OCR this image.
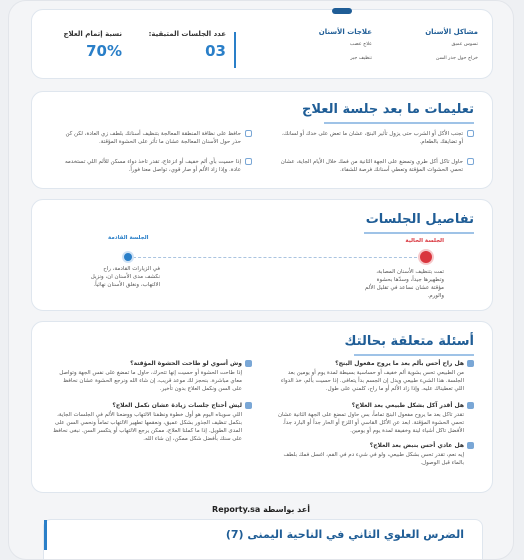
مشاكل الأسنان
تسوس عميق
خراج حول جذر السن
علاجات الأسنان
علاج عصب
تنظيف جير
عدد الجلسات المتبقية:
03
نسبة إتمام العلاج
70%
تعليمات ما بعد جلسة العلاج
تجنب الأكل أو الشرب حتى يزول تأثير البنج، عشان ما تعض على خدك أو لسانك، أو تضايقك بالطعام.
حافظ على نظافة المنطقة المعالجة بتنظيف أسنانك بلطف زي العادة، لكن كن حذر حول الأسنان المعالجة عشان ما تأثر على الحشوة المؤقتة.
حاول تاكل أكل طري وتمضغ على الجهة الثانية من فمك خلال الأيام الجاية، عشان تحمي الحشوات المؤقتة وتعطي أسنانك فرصة للشفاء.
إذا حسيت بأي ألم خفيف أو انزعاج، تقدر تاخذ دواء مسكن للألم اللي تستخدمه عادة. وإذا زاد الألم أو صار قوي، تواصل معنا فوراً.
تفاصيل الجلسات
الجلسة الحالية
الجلسة القادمة
تمت بتنظيف الأسنان المصابة، وتطهيرها جيداً، وسدّها بحشوة مؤقتة عشان نساعد في تقليل الألم والورم.
في الزيارات القادمة، راح نكشف مدى الأسنان ان، ونزيل الالتهاب، ونغلق الأسنان نهائياً.
أسئلة متعلقة بحالتك
هل راح أحس بألم بعد ما يروح مفعول البنج؟
من الطبيعي تحس بشوية ألم خفيف أو حساسية بسيطة لمدة يوم أو يومين بعد الجلسة. هذا الشيء طبيعي ويدل إن الجسم بدأ يتعافى. إذا حسيت بألم، خذ الدواء اللي تعطيناك عليه. وإذا زاد الألم أو ما راح، كلمني على طول.
وش أسوي لو طاحت الحشوة المؤقتة؟
إذا طاحت الحشوة أو حسيت إنها تتحرك، حاول ما تمضغ على نفس الجهة وتواصل معاي مباشرة. بنحجز لك موعد قريب، إن شاء الله ونرجع الحشوة عشان نحافظ على السن ونكمل العلاج بدون تأخير.
هل أقدر آكل بشكل طبيعي بعد العلاج؟
تقدر تاكل بعد ما يروح مفعول البنج تماماً، بس حاول تمضغ على الجهة الثانية عشان تحمي الحشوة المؤقتة. ابعد عن الأكل القاسي أو اللزج أو الحار جداً أو البارد جداً. الأفضل تاكل أشياء لينة وخفيفة لمدة يوم أو يومين.
ليش أحتاج جلسات زيادة عشان نكمل العلاج؟
اللي سويناه اليوم هو أول خطوة ونظفنا الالتهاب ووضعنا الألم في الجلسات الجاية، بنكمل تنظيف الجذور بشكل عميق، ونعقمها تطهير الالتهاب تماماً ونحمي السن على المدى الطويل. إذا ما كملنا العلاج، ممكن يرجع الالتهاب أو يتكسر السن. نبغى نحافظ على سنك بأفضل شكل ممكن، إن شاء الله.
هل عادي أحس بنبض بعد العلاج؟
إيه نعم، تقدر تحس بشكل طبيعي، ولو في شيء دم في الفم، اغسل فمك بلطف بالماء قبل الوصول.
أعد بواسطة Reporty.sa
الضرس العلوي الثاني في الناحية اليمنى (7)
